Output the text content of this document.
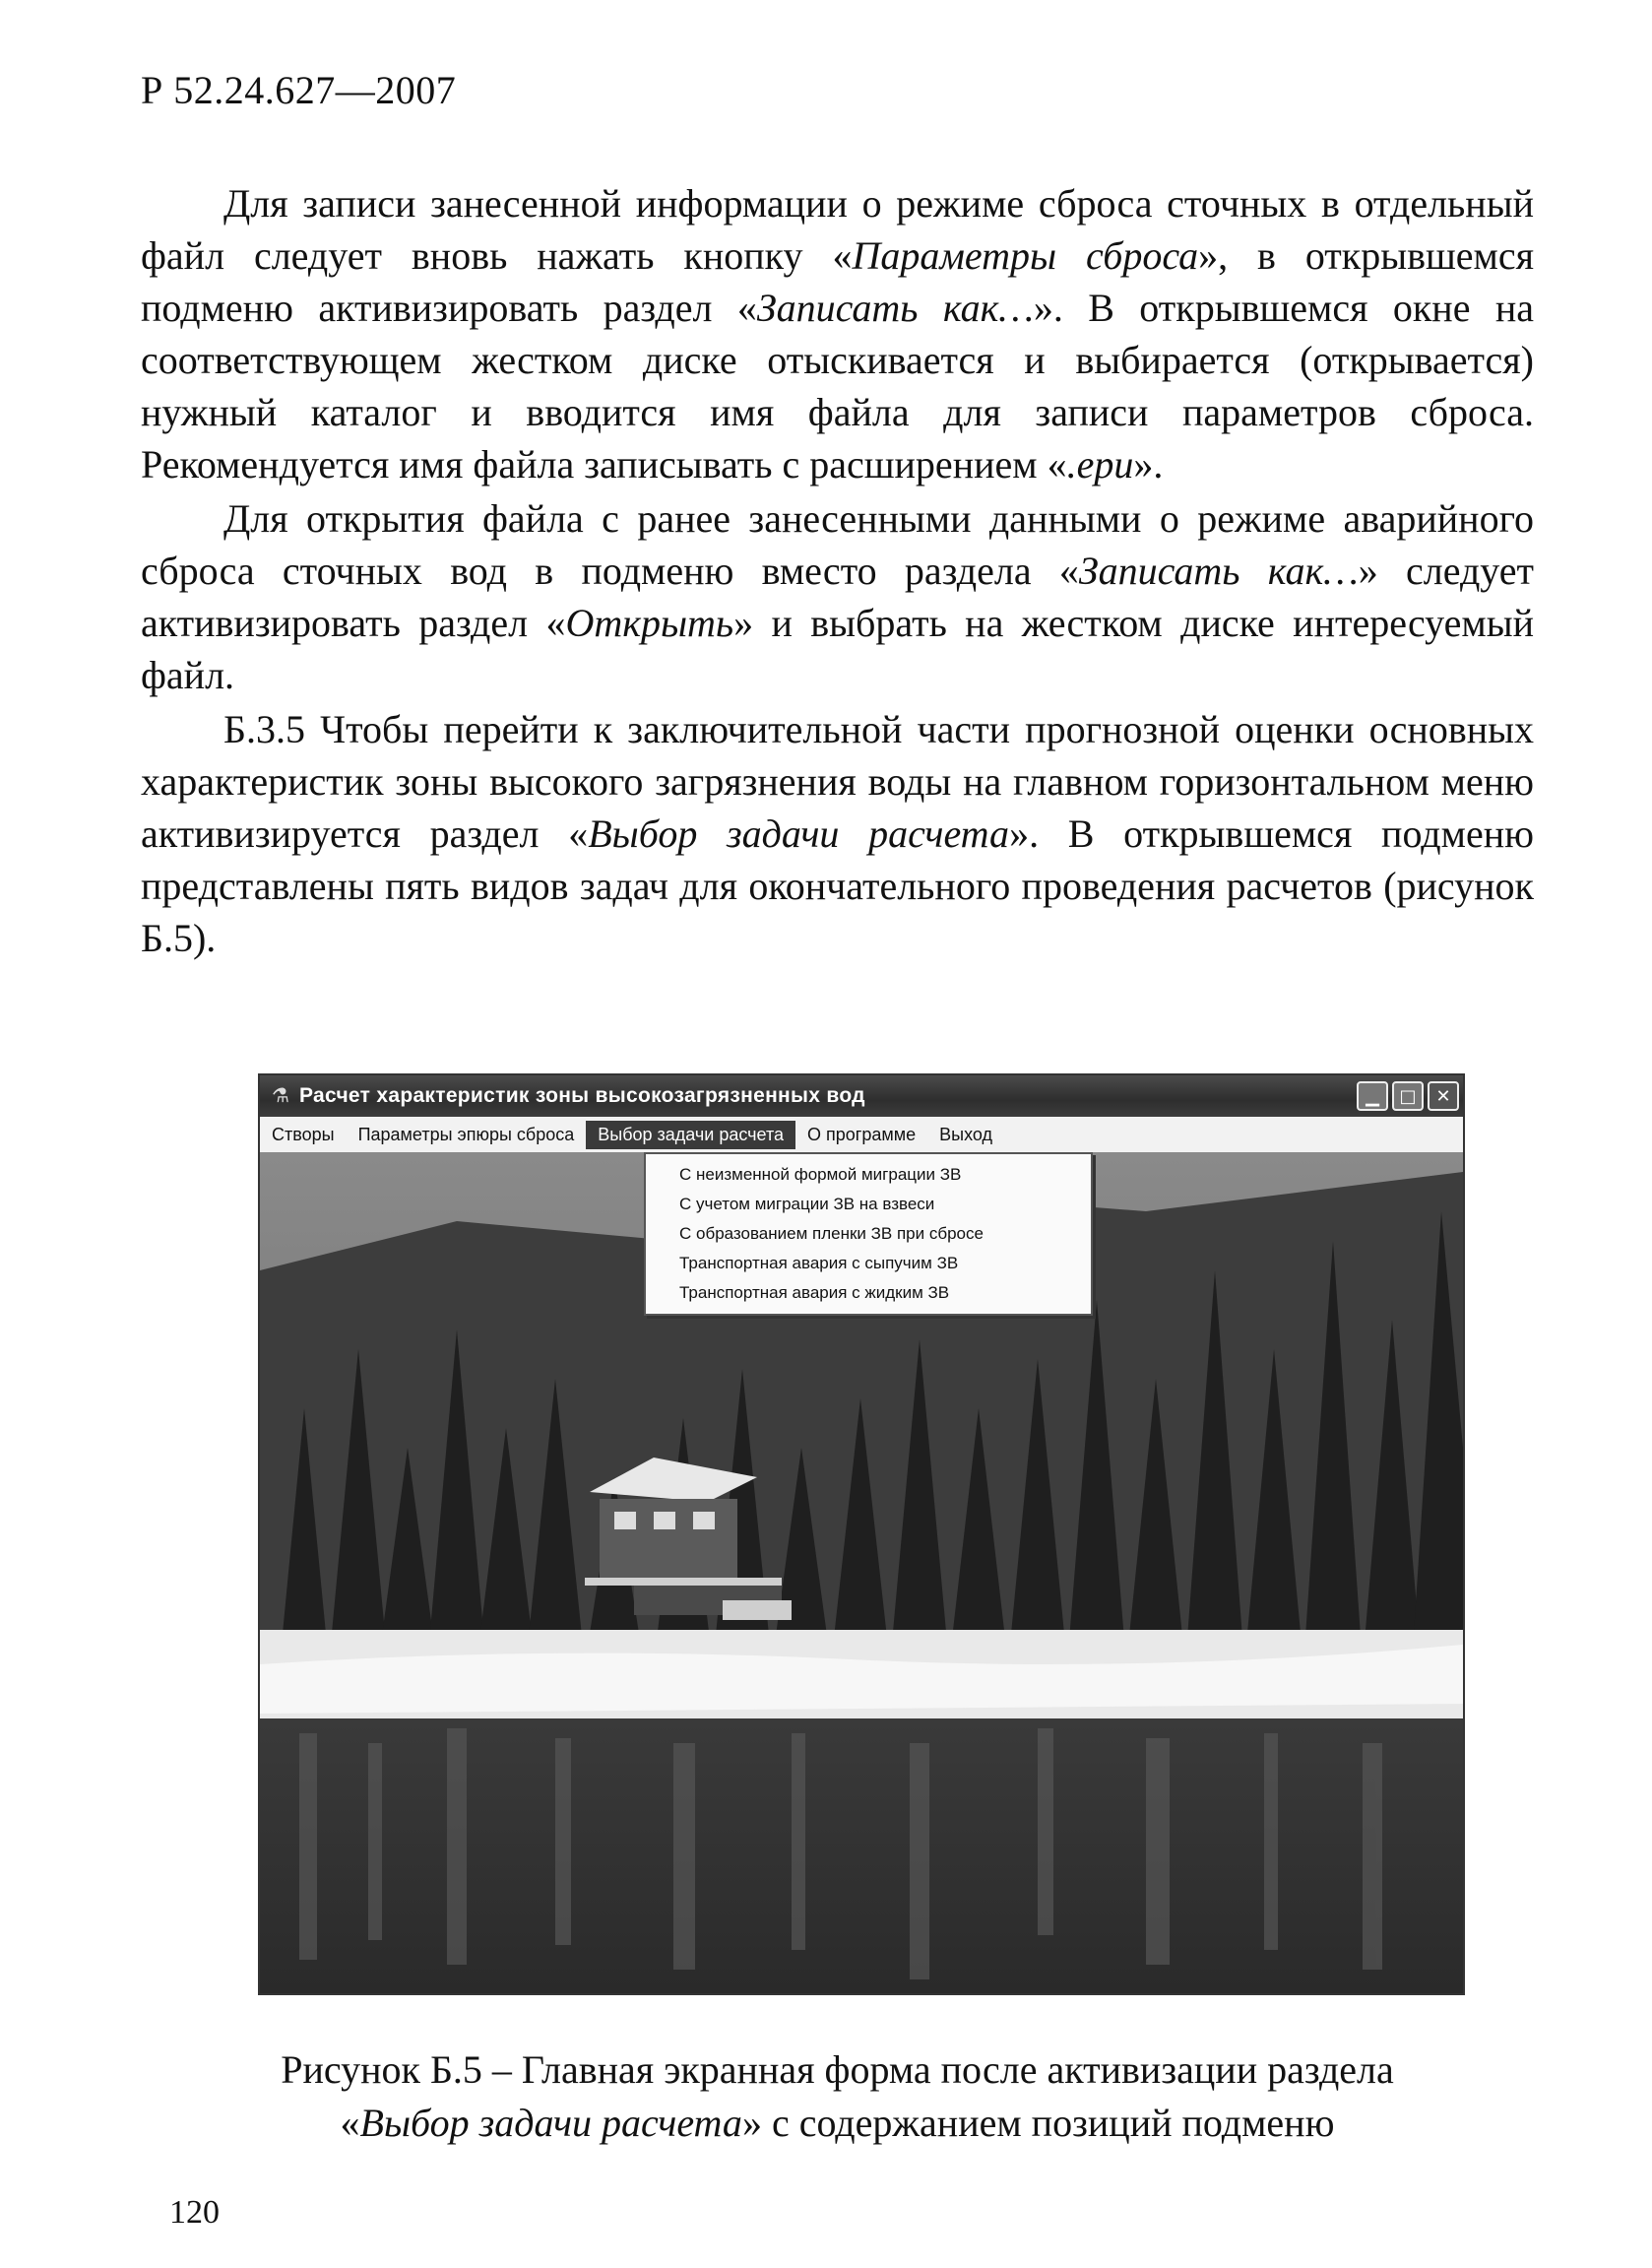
Р 52.24.627—2007

Для записи занесенной информации о режиме сброса сточных в отдельный файл следует вновь нажать кнопку «Параметры сброса», в открывшемся подменю активизировать раздел «Записать как…». В открывшемся окне на соответствующем жестком диске отыскивается и выбирается (открывается) нужный каталог и вводится имя файла для записи параметров сброса. Рекомендуется имя файла записывать с расширением «.ери».

Для открытия файла с ранее занесенными данными о режиме аварийного сброса сточных вод в подменю вместо раздела «Записать как…» следует активизировать раздел «Открыть» и выбрать на жестком диске интересуемый файл.

Б.3.5 Чтобы перейти к заключительной части прогнозной оценки основных характеристик зоны высокого загрязнения воды на главном горизонтальном меню активизируется раздел «Выбор задачи расчета». В открывшемся подменю представлены пять видов задач для окончательного проведения расчетов (рисунок Б.5).

⚗ Расчет характеристик зоны высокозагрязненных вод	▁	□	✕
Створы	Параметры эпюры сброса	Выбор задачи расчета	О программе	Выход
С неизменной формой миграции ЗВ
С учетом миграции ЗВ на взвеси
С образованием пленки ЗВ при сбросе
Транспортная авария с сыпучим ЗВ
Транспортная авария с жидким ЗВ
Рисунок Б.5 – Главная экранная форма после активизации раздела
«Выбор задачи расчета» с содержанием позиций подменю
120
